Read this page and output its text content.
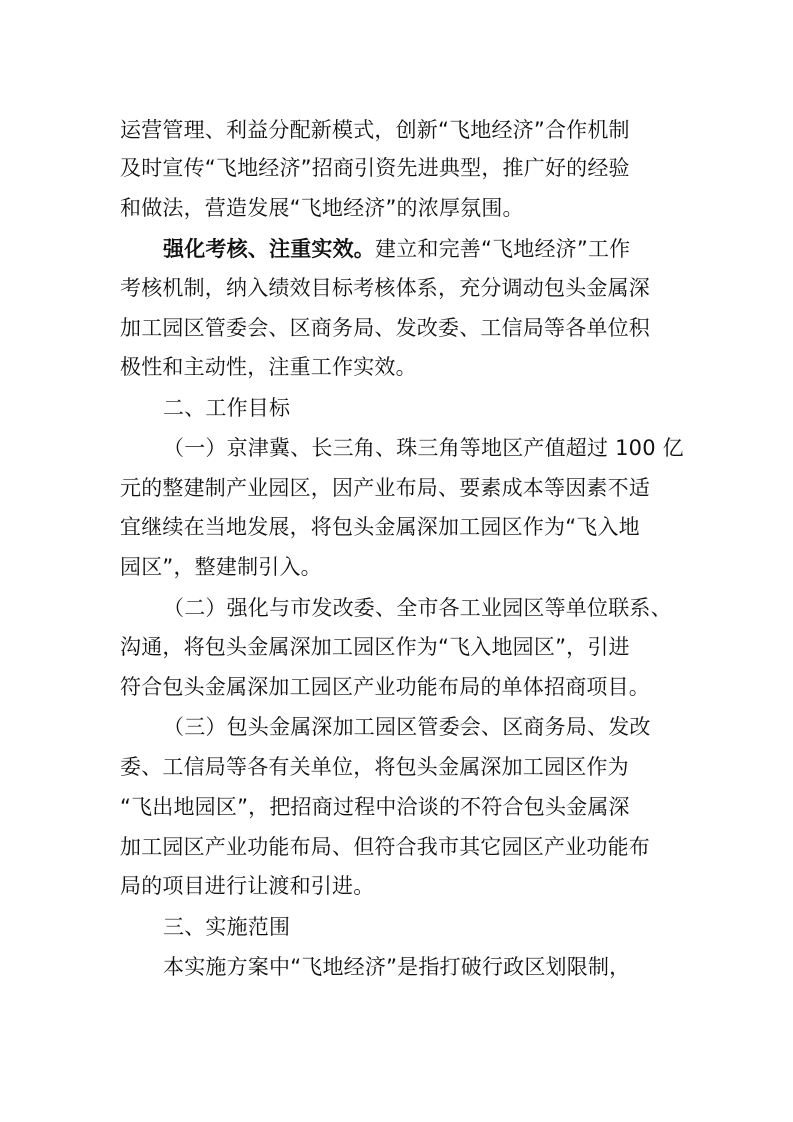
运营管理、利益分配新模式，创新“飞地经济”合作机制
及时宣传“飞地经济”招商引资先进典型，推广好的经验
和做法，营造发展“飞地经济”的浓厚氛围。
强化考核、注重实效。建立和完善“飞地经济”工作
考核机制，纳入绩效目标考核体系，充分调动包头金属深
加工园区管委会、区商务局、发改委、工信局等各单位积
极性和主动性，注重工作实效。
二、工作目标
（一）京津冀、长三角、珠三角等地区产值超过 100 亿
元的整建制产业园区，因产业布局、要素成本等因素不适
宜继续在当地发展，将包头金属深加工园区作为“飞入地
园区”，整建制引入。
（二）强化与市发改委、全市各工业园区等单位联系、
沟通，将包头金属深加工园区作为“飞入地园区”，引进
符合包头金属深加工园区产业功能布局的单体招商项目。
（三）包头金属深加工园区管委会、区商务局、发改
委、工信局等各有关单位，将包头金属深加工园区作为
“飞出地园区”，把招商过程中洽谈的不符合包头金属深
加工园区产业功能布局、但符合我市其它园区产业功能布
局的项目进行让渡和引进。
三、实施范围
本实施方案中“飞地经济”是指打破行政区划限制，
